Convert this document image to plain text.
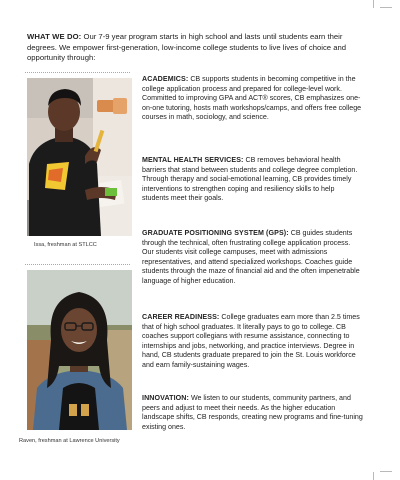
WHAT WE DO: Our 7-9 year program starts in high school and lasts until students earn their degrees. We empower first-generation, low-income college students to live lives of choice and opportunity through:
Issa, freshman at STLCC
Raven, freshman at Lawrence University
ACADEMICS: CB supports students in becoming competitive in the college application process and prepared for college-level work. Committed to improving GPA and ACT® scores, CB emphasizes one-on-one tutoring, hosts math workshops/camps, and offers free college courses in math, sociology, and science.
MENTAL HEALTH SERVICES: CB removes behavioral health barriers that stand between students and college degree completion. Through therapy and social-emotional learning, CB provides timely interventions to strengthen coping and resiliency skills to help students meet their goals.
GRADUATE POSITIONING SYSTEM (GPS): CB guides students through the technical, often frustrating college application process. Our students visit college campuses, meet with admissions representatives, and attend specialized workshops. Coaches guide students through the maze of financial aid and the often impenetrable language of higher education.
CAREER READINESS: College graduates earn more than 2.5 times that of high school graduates. It literally pays to go to college. CB coaches support collegians with resume assistance, connecting to internships and jobs, networking, and practice interviews. Degree in hand, CB students graduate prepared to join the St. Louis workforce and earn family-sustaining wages.
INNOVATION: We listen to our students, community partners, and peers and adjust to meet their needs. As the higher education landscape shifts, CB responds, creating new programs and fine-tuning existing ones.
